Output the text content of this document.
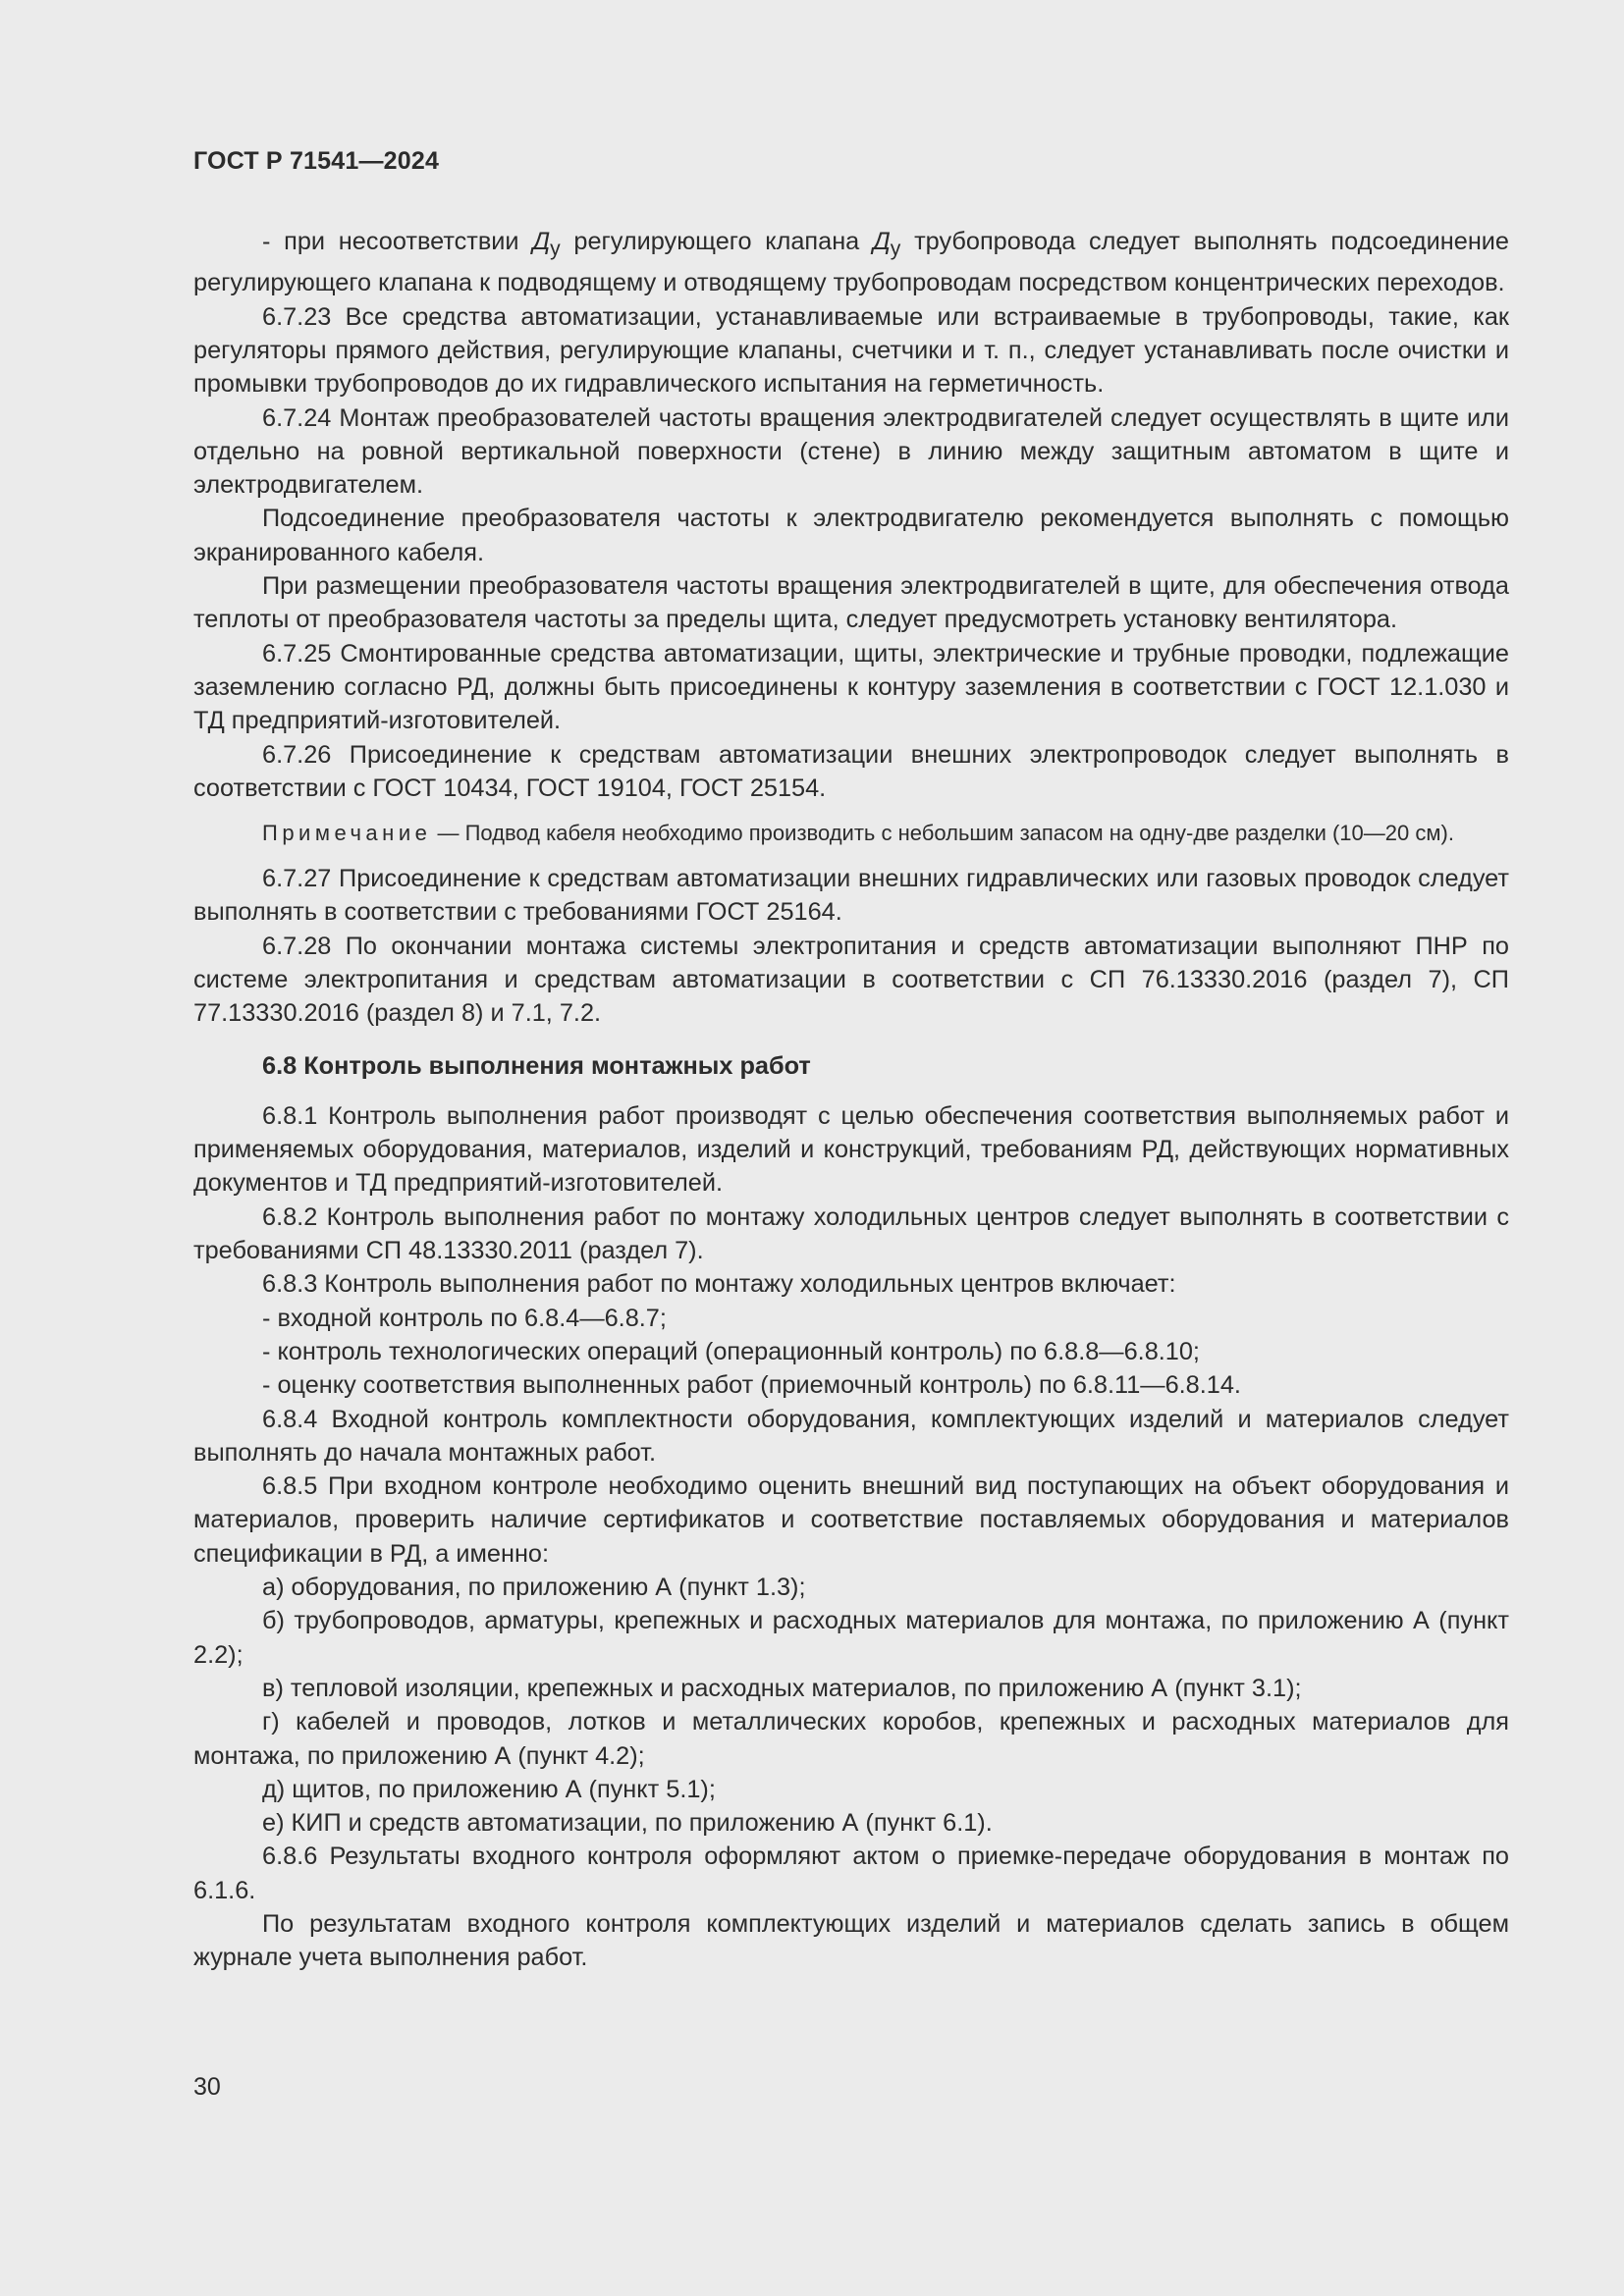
ГОСТ Р 71541—2024

- при несоответствии $Д_у$ регулирующего клапана $Д_у$ трубопровода следует выполнять подсоединение регулирующего клапана к подводящему и отводящему трубопроводам посредством концентрических переходов.

6.7.23 Все средства автоматизации, устанавливаемые или встраиваемые в трубопроводы, такие, как регуляторы прямого действия, регулирующие клапаны, счетчики и т. п., следует устанавливать после очистки и промывки трубопроводов до их гидравлического испытания на герметичность.

6.7.24 Монтаж преобразователей частоты вращения электродвигателей следует осуществлять в щите или отдельно на ровной вертикальной поверхности (стене) в линию между защитным автоматом в щите и электродвигателем.

Подсоединение преобразователя частоты к электродвигателю рекомендуется выполнять с помощью экранированного кабеля.

При размещении преобразователя частоты вращения электродвигателей в щите, для обеспечения отвода теплоты от преобразователя частоты за пределы щита, следует предусмотреть установку вентилятора.

6.7.25 Смонтированные средства автоматизации, щиты, электрические и трубные проводки, подлежащие заземлению согласно РД, должны быть присоединены к контуру заземления в соответствии с ГОСТ 12.1.030 и ТД предприятий-изготовителей.

6.7.26 Присоединение к средствам автоматизации внешних электропроводок следует выполнять в соответствии с ГОСТ 10434, ГОСТ 19104, ГОСТ 25154.

Примечание — Подвод кабеля необходимо производить с небольшим запасом на одну-две разделки (10—20 см).

6.7.27 Присоединение к средствам автоматизации внешних гидравлических или газовых проводок следует выполнять в соответствии с требованиями ГОСТ 25164.

6.7.28 По окончании монтажа системы электропитания и средств автоматизации выполняют ПНР по системе электропитания и средствам автоматизации в соответствии с СП 76.13330.2016 (раздел 7), СП 77.13330.2016 (раздел 8) и 7.1, 7.2.

6.8 Контроль выполнения монтажных работ

6.8.1 Контроль выполнения работ производят с целью обеспечения соответствия выполняемых работ и применяемых оборудования, материалов, изделий и конструкций, требованиям РД, действующих нормативных документов и ТД предприятий-изготовителей.

6.8.2 Контроль выполнения работ по монтажу холодильных центров следует выполнять в соответствии с требованиями СП 48.13330.2011 (раздел 7).

6.8.3 Контроль выполнения работ по монтажу холодильных центров включает:

- входной контроль по 6.8.4—6.8.7;

- контроль технологических операций (операционный контроль) по 6.8.8—6.8.10;

- оценку соответствия выполненных работ (приемочный контроль) по 6.8.11—6.8.14.

6.8.4 Входной контроль комплектности оборудования, комплектующих изделий и материалов следует выполнять до начала монтажных работ.

6.8.5 При входном контроле необходимо оценить внешний вид поступающих на объект оборудования и материалов, проверить наличие сертификатов и соответствие поставляемых оборудования и материалов спецификации в РД, а именно:

а) оборудования, по приложению А (пункт 1.3);

б) трубопроводов, арматуры, крепежных и расходных материалов для монтажа, по приложению А (пункт 2.2);

в) тепловой изоляции, крепежных и расходных материалов, по приложению А (пункт 3.1);

г) кабелей и проводов, лотков и металлических коробов, крепежных и расходных материалов для монтажа, по приложению А (пункт 4.2);

д) щитов, по приложению А (пункт 5.1);

е) КИП и средств автоматизации, по приложению А (пункт 6.1).

6.8.6 Результаты входного контроля оформляют актом о приемке-передаче оборудования в монтаж по 6.1.6.

По результатам входного контроля комплектующих изделий и материалов сделать запись в общем журнале учета выполнения работ.

30
